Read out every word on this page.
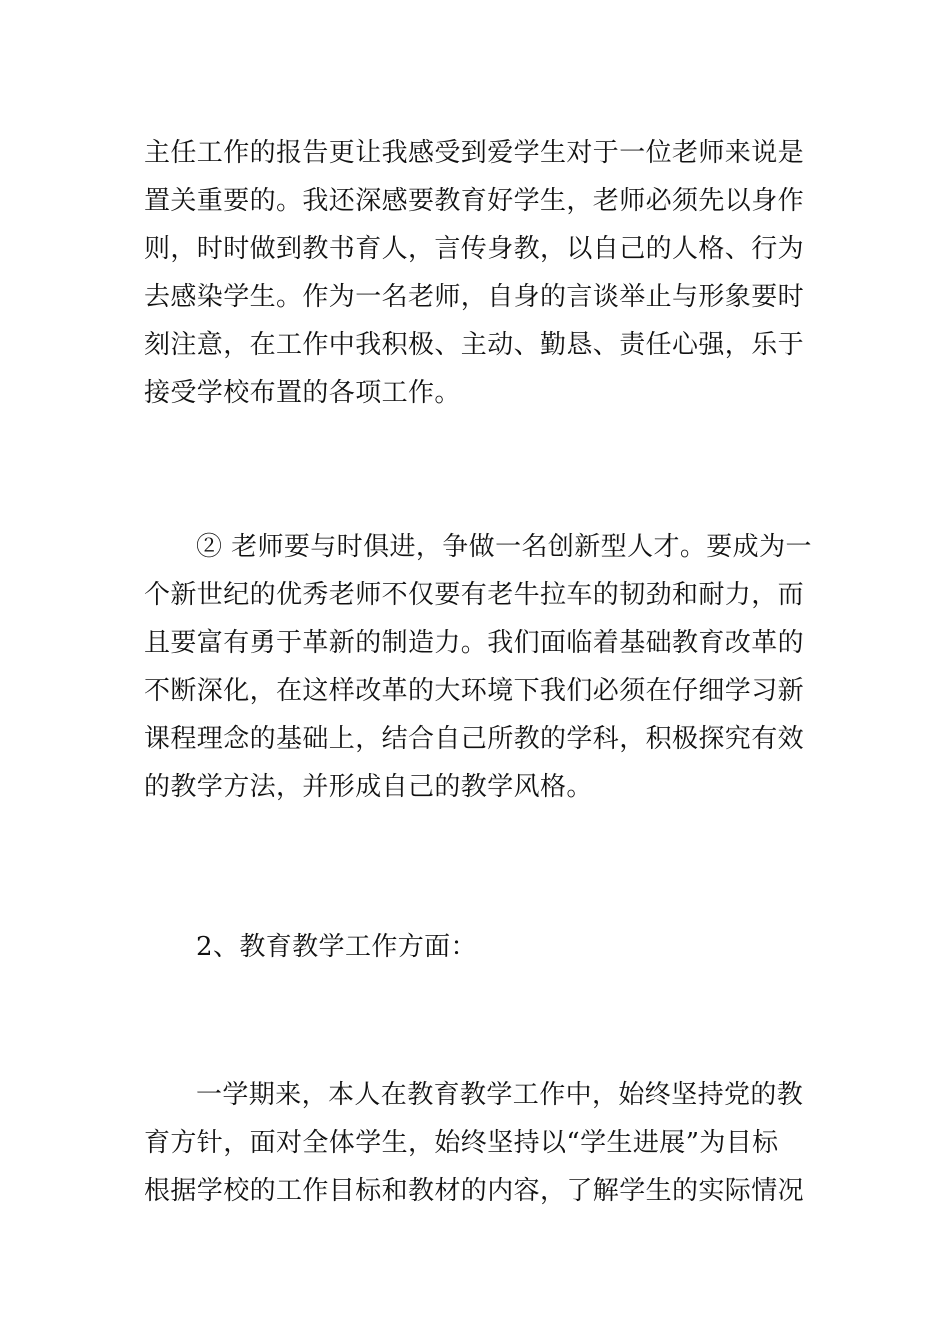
主任工作的报告更让我感受到爱学生对于一位老师来说是
置关重要的。我还深感要教育好学生，老师必须先以身作
则，时时做到教书育人，言传身教，以自己的人格、行为
去感染学生。作为一名老师，自身的言谈举止与形象要时
刻注意，在工作中我积极、主动、勤恳、责任心强，乐于
接受学校布置的各项工作。
② 老师要与时俱进，争做一名创新型人才。要成为一
个新世纪的优秀老师不仅要有老牛拉车的韧劲和耐力，而
且要富有勇于革新的制造力。我们面临着基础教育改革的
不断深化，在这样改革的大环境下我们必须在仔细学习新
课程理念的基础上，结合自己所教的学科，积极探究有效
的教学方法，并形成自己的教学风格。
2、教育教学工作方面：
一学期来，本人在教育教学工作中，始终坚持党的教
育方针，面对全体学生，始终坚持以“学生进展”为目标
根据学校的工作目标和教材的内容，了解学生的实际情况
